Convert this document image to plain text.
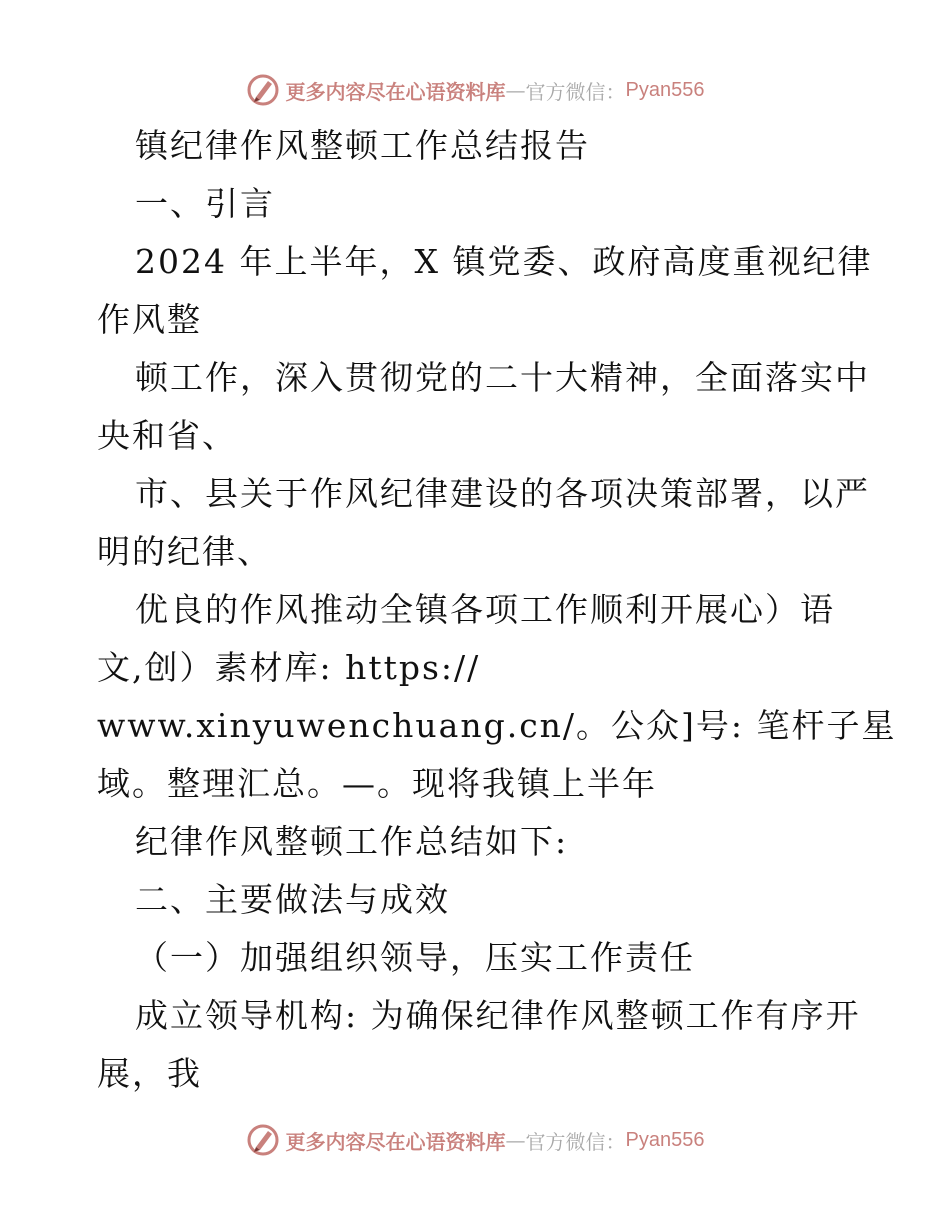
更多内容尽在心语资料库 — 官方微信： Pyan556
镇纪律作风整顿工作总结报告
一、引言
2024 年上半年，X 镇党委、政府高度重视纪律
作风整
顿工作，深入贯彻党的二十大精神，全面落实中
央和省、
市、县关于作风纪律建设的各项决策部署，以严
明的纪律、
优良的作风推动全镇各项工作顺利开展心）语
文,创）素材库: https://
www.xinyuwenchuang.cn/。公众]号: 笔杆子星
域。整理汇总。—。现将我镇上半年
纪律作风整顿工作总结如下:
二、主要做法与成效
（一）加强组织领导，压实工作责任
成立领导机构: 为确保纪律作风整顿工作有序开
展，我
更多内容尽在心语资料库 — 官方微信： Pyan556
